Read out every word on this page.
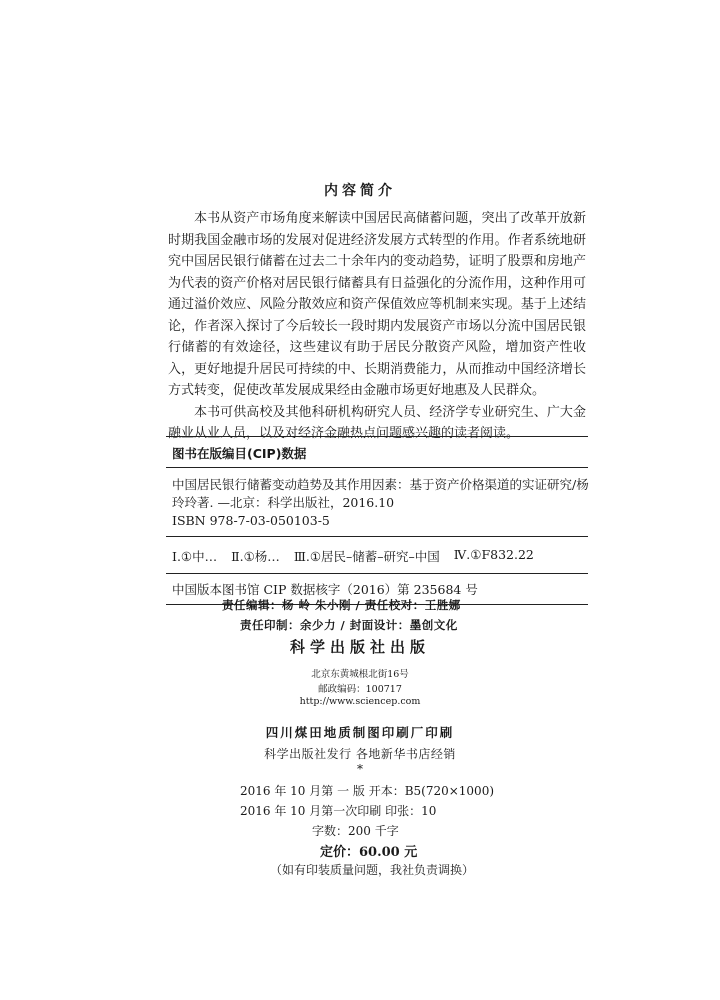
内容简介

本书从资产市场角度来解读中国居民高储蓄问题，突出了改革开放新时期我国金融市场的发展对促进经济发展方式转型的作用。作者系统地研究中国居民银行储蓄在过去二十余年内的变动趋势，证明了股票和房地产为代表的资产价格对居民银行储蓄具有日益强化的分流作用，这种作用可通过溢价效应、风险分散效应和资产保值效应等机制来实现。基于上述结论，作者深入探讨了今后较长一段时期内发展资产市场以分流中国居民银行储蓄的有效途径，这些建议有助于居民分散资产风险，增加资产性收入，更好地提升居民可持续的中、长期消费能力，从而推动中国经济增长方式转变，促使改革发展成果经由金融市场更好地惠及人民群众。

本书可供高校及其他科研机构研究人员、经济学专业研究生、广大金融业从业人员，以及对经济金融热点问题感兴趣的读者阅读。

图书在版编目(CIP)数据
中国居民银行储蓄变动趋势及其作用因素：基于资产价格渠道的实证研究/杨
玲玲著. —北京：科学出版社，2016.10
ISBN 978-7-03-050103-5
Ⅰ.①中… Ⅱ.①杨… Ⅲ.①居民–储蓄–研究–中国 Ⅳ.①F832.22
中国版本图书馆 CIP 数据核字（2016）第 235684 号
责任编辑：杨 岭 朱小刚 / 责任校对：王胜娜
责任印制：余少力 / 封面设计：墨创文化
科学出版社出版
北京东黄城根北街16号
邮政编码：100717
http://www.sciencep.com
四川煤田地质制图印刷厂印刷
科学出版社发行 各地新华书店经销
*
2016 年 10 月第 一 版 开本：B5(720×1000)
2016 年 10 月第一次印刷 印张：10
字数：200 千字
定价：60.00 元
（如有印装质量问题，我社负责调换）
